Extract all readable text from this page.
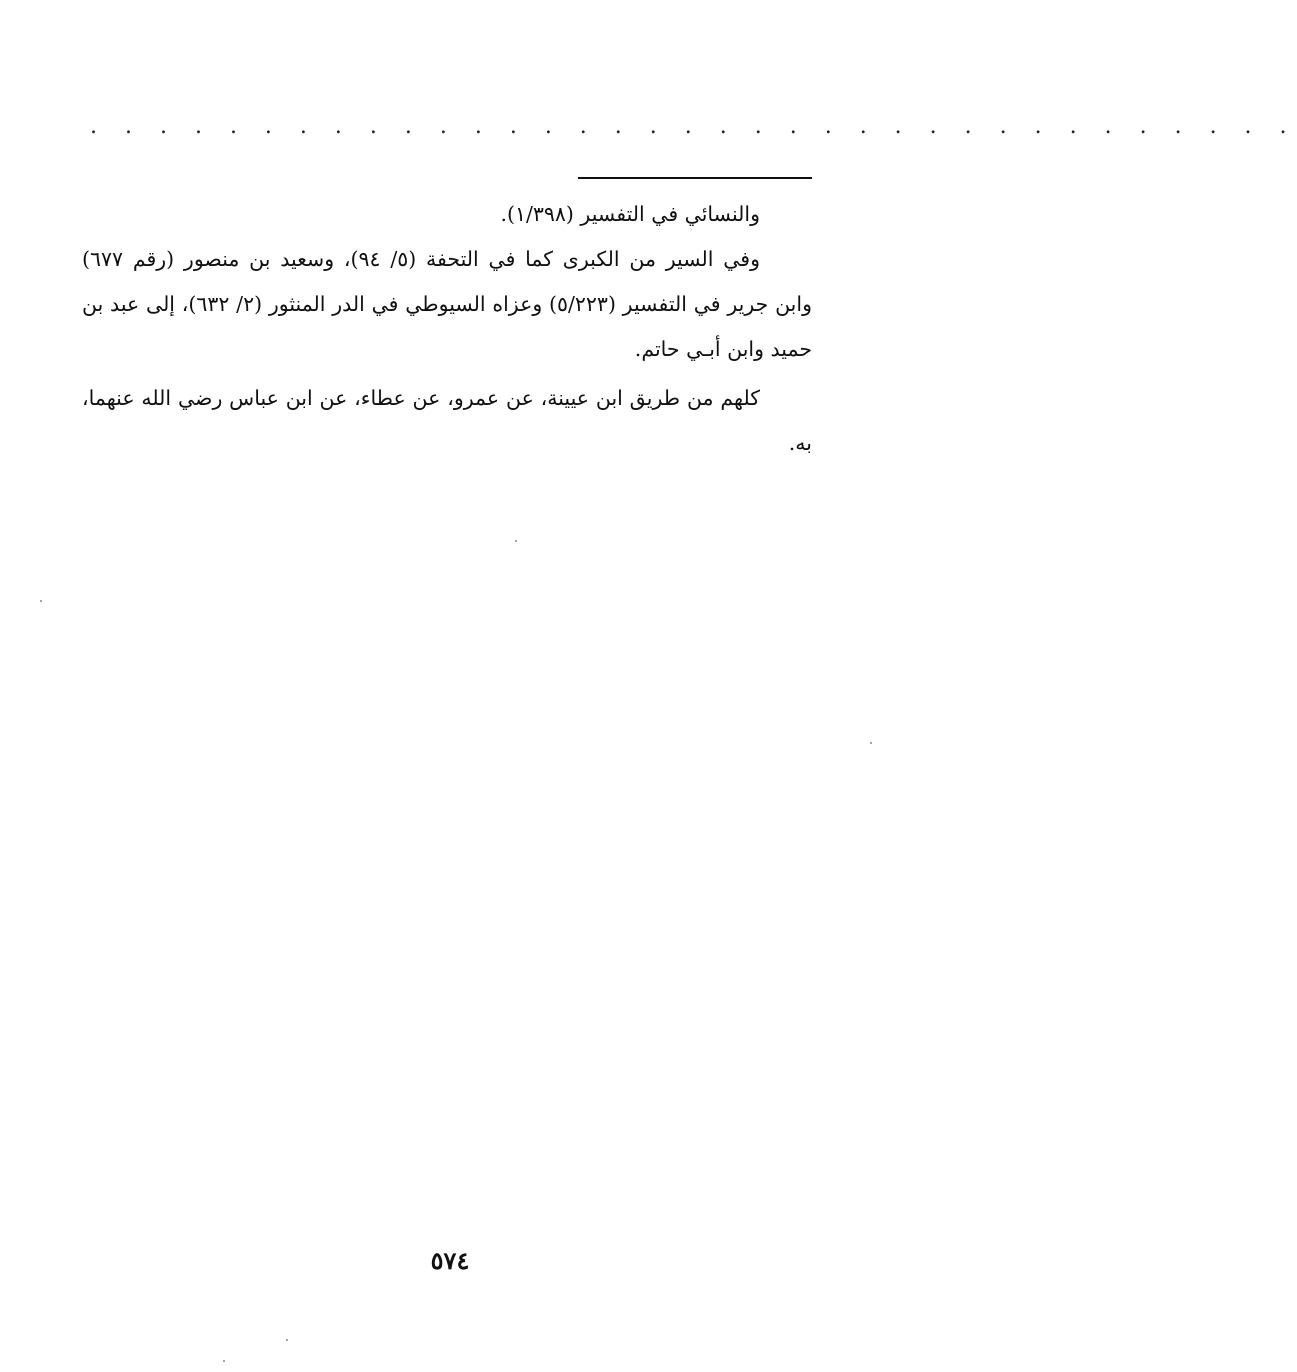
. . . . . . . . . . . . . . . . . . . . . . . . . . . . . . . . . . .

والنسائي في التفسير (١/٣٩٨).

وفي السير من الكبرى كما في التحفة (٥/ ٩٤)، وسعيد بن منصور (رقم ٦٧٧) وابن جرير في التفسير (٥/٢٢٣) وعزاه السيوطي في الدر المنثور (٢/ ٦٣٢)، إلى عبد بن حميد وابن أبـي حاتم.

كلهم من طريق ابن عيينة، عن عمرو، عن عطاء، عن ابن عباس رضي الله عنهما، به.

٥٧٤
